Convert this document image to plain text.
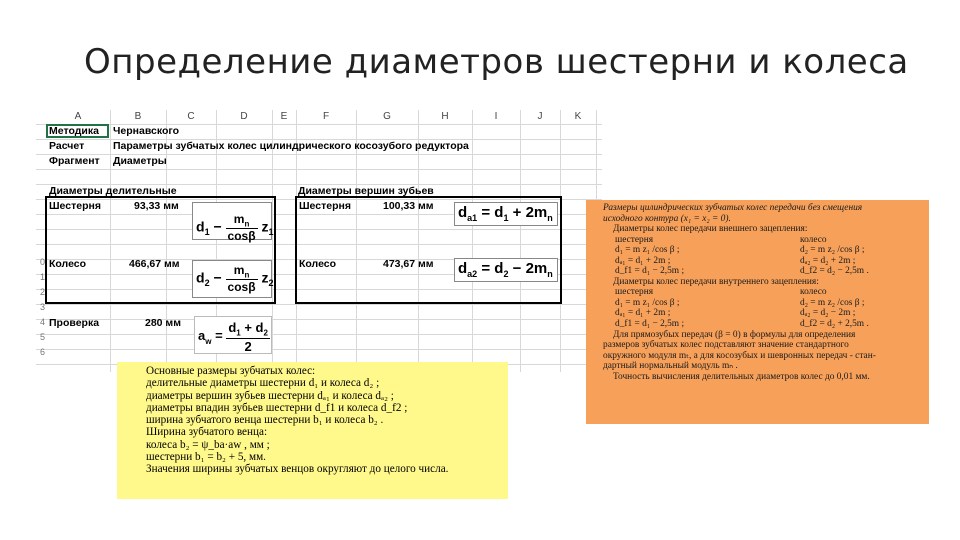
Определение диаметров шестерни и колеса
A	B	C	D	E	F	G	H	I	J	K
0
1
2
3
4
5
6
Методика Чернавского
Расчет	Параметры зубчатых колес цилиндрического косозубого редуктора
Фрагмент Диаметры
Диаметры делительные	Диаметры вершин зубьев
Шестерня	93,33 мм	Шестерня	100,33 мм
Колесо	466,67 мм	Колесо	473,67 мм
Проверка	280 мм
$d_1 - \frac{m_n}{\cos\beta} z_1$
$d_2 - \frac{m_n}{\cos\beta} z_2$
$d_{a1} = d_1 + 2m_n$
$d_{a2} = d_2 - 2m_n$
$a_w = \frac{d_1 + d_2}{2}$
Основные размеры зубчатых колес:
делительные диаметры шестерни d₁ и колеса d₂ ;
диаметры вершин зубьев шестерни dₐ₁ и колеса dₐ₂ ;
диаметры впадин зубьев шестерни d_f1 и колеса d_f2 ;
ширина зубчатого венца шестерни b₁ и колеса b₂ .
Ширина зубчатого венца:
колеса b₂ = ψ_ba·aw , мм ;
шестерни b₁ = b₂ + 5, мм.
Значения ширины зубчатых венцов округляют до целого числа.
Размеры цилиндрических зубчатых колес передачи без смещения
исходного контура (x₁ = x₂ = 0).
Диаметры колес передачи внешнего зацепления:
шестерня	колесо
d₁ = m z₁ /cos β ;	d₂ = m z₂ /cos β ;
dₐ₁ = d₁ + 2m ;	dₐ₂ = d₂ + 2m ;
d_f1 = d₁ − 2,5m ;	d_f2 = d₂ − 2,5m .
Диаметры колес передачи внутреннего зацепления:
шестерня	колесо
d₁ = m z₁ /cos β ;	d₂ = m z₂ /cos β ;
dₐ₁ = d₁ + 2m ;	dₐ₂ = d₂ − 2m ;
d_f1 = d₁ − 2,5m ;	d_f2 = d₂ + 2,5m .
Для прямозубых передач (β = 0) в формулы для определения
размеров зубчатых колес подставляют значение стандартного
окружного модуля mₜ, а для косозубых и шевронных передач - стан-
дартный нормальный модуль mₙ .
Точность вычисления делительных диаметров колес до 0,01 мм.
